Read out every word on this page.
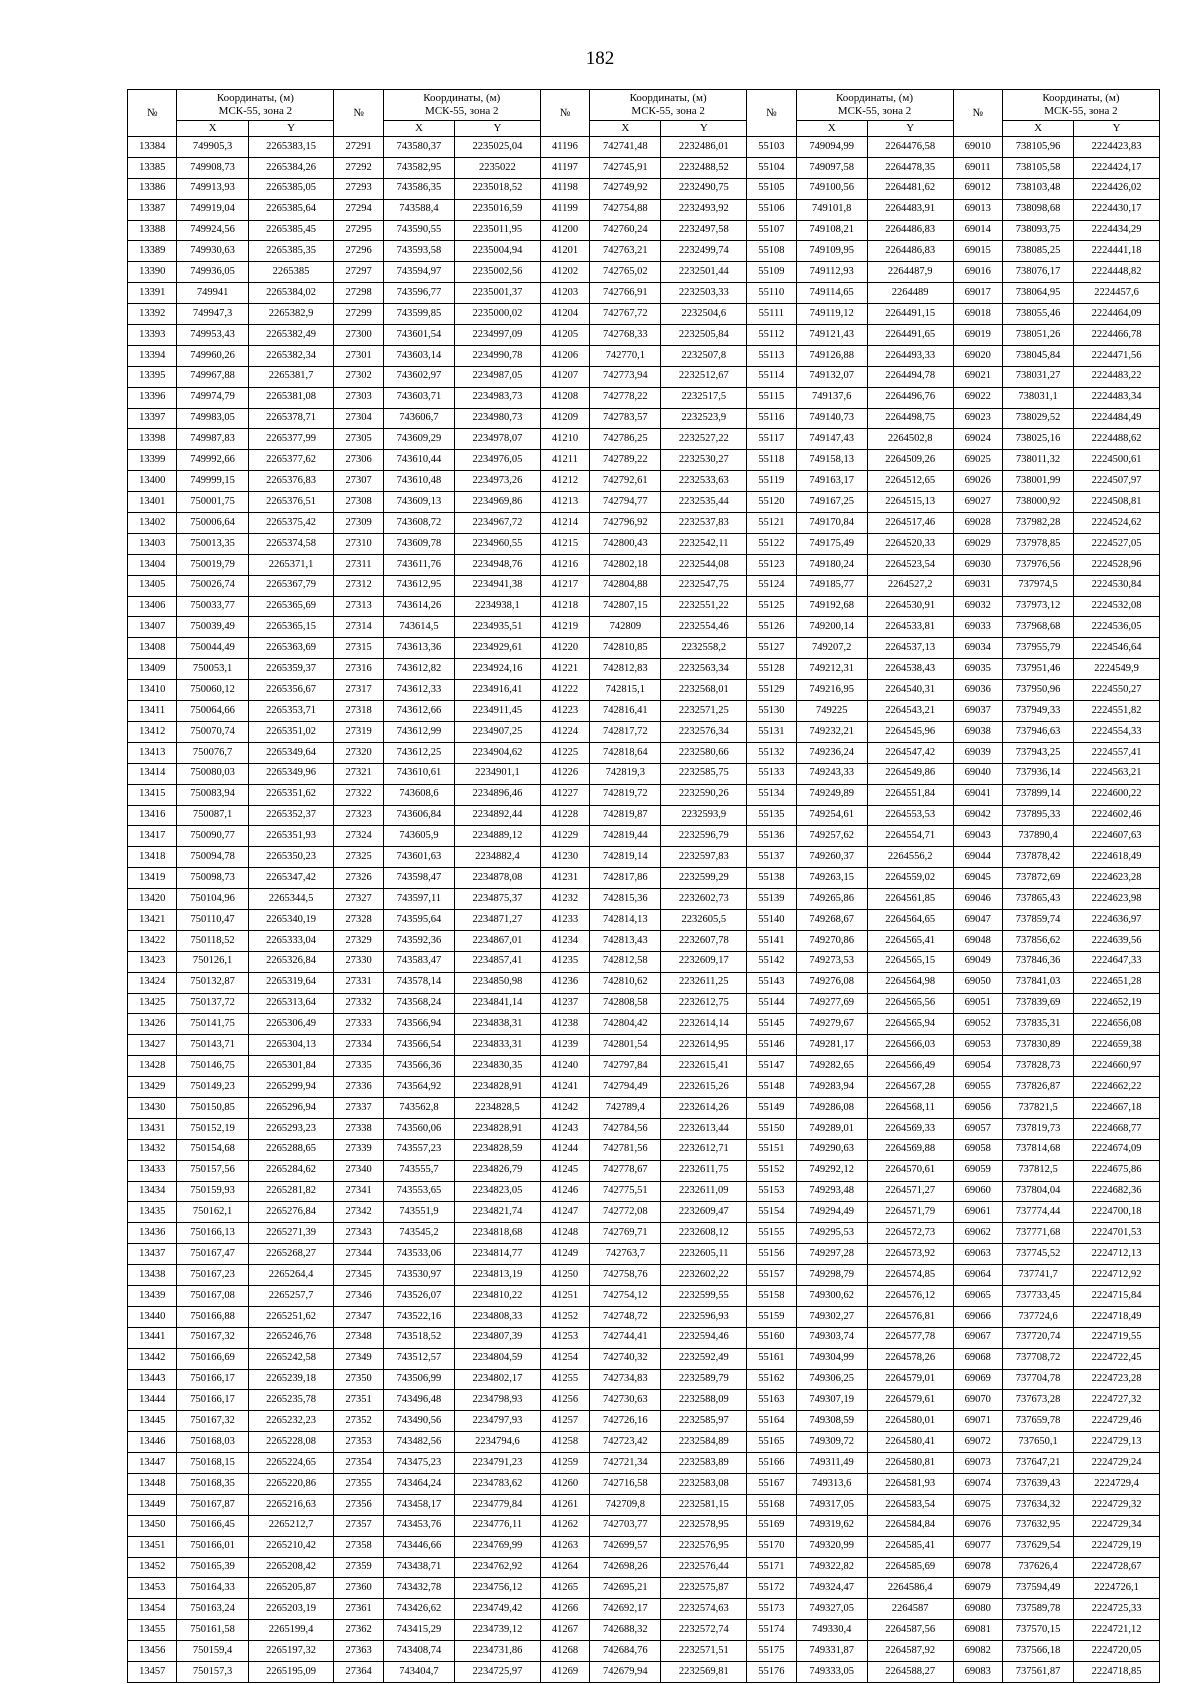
182
№	Координаты, (м)
МСК-55, зона 2		№	Координаты, (м)
МСК-55, зона 2		№	Координаты, (м)
МСК-55, зона 2		№	Координаты, (м)
МСК-55, зона 2		№	Координаты, (м)
МСК-55, зона 2	
	X	Y		X	Y		X	Y		X	Y		X	Y
13384	749905,3	2265383,15	27291	743580,37	2235025,04	41196	742741,48	2232486,01	55103	749094,99	2264476,58	69010	738105,96	2224423,83
13385	749908,73	2265384,26	27292	743582,95	2235022	41197	742745,91	2232488,52	55104	749097,58	2264478,35	69011	738105,58	2224424,17
13386	749913,93	2265385,05	27293	743586,35	2235018,52	41198	742749,92	2232490,75	55105	749100,56	2264481,62	69012	738103,48	2224426,02
13387	749919,04	2265385,64	27294	743588,4	2235016,59	41199	742754,88	2232493,92	55106	749101,8	2264483,91	69013	738098,68	2224430,17
13388	749924,56	2265385,45	27295	743590,55	2235011,95	41200	742760,24	2232497,58	55107	749108,21	2264486,83	69014	738093,75	2224434,29
13389	749930,63	2265385,35	27296	743593,58	2235004,94	41201	742763,21	2232499,74	55108	749109,95	2264486,83	69015	738085,25	2224441,18
13390	749936,05	2265385	27297	743594,97	2235002,56	41202	742765,02	2232501,44	55109	749112,93	2264487,9	69016	738076,17	2224448,82
13391	749941	2265384,02	27298	743596,77	2235001,37	41203	742766,91	2232503,33	55110	749114,65	2264489	69017	738064,95	2224457,6
13392	749947,3	2265382,9	27299	743599,85	2235000,02	41204	742767,72	2232504,6	55111	749119,12	2264491,15	69018	738055,46	2224464,09
13393	749953,43	2265382,49	27300	743601,54	2234997,09	41205	742768,33	2232505,84	55112	749121,43	2264491,65	69019	738051,26	2224466,78
13394	749960,26	2265382,34	27301	743603,14	2234990,78	41206	742770,1	2232507,8	55113	749126,88	2264493,33	69020	738045,84	2224471,56
13395	749967,88	2265381,7	27302	743602,97	2234987,05	41207	742773,94	2232512,67	55114	749132,07	2264494,78	69021	738031,27	2224483,22
13396	749974,79	2265381,08	27303	743603,71	2234983,73	41208	742778,22	2232517,5	55115	749137,6	2264496,76	69022	738031,1	2224483,34
13397	749983,05	2265378,71	27304	743606,7	2234980,73	41209	742783,57	2232523,9	55116	749140,73	2264498,75	69023	738029,52	2224484,49
13398	749987,83	2265377,99	27305	743609,29	2234978,07	41210	742786,25	2232527,22	55117	749147,43	2264502,8	69024	738025,16	2224488,62
13399	749992,66	2265377,62	27306	743610,44	2234976,05	41211	742789,22	2232530,27	55118	749158,13	2264509,26	69025	738011,32	2224500,61
13400	749999,15	2265376,83	27307	743610,48	2234973,26	41212	742792,61	2232533,63	55119	749163,17	2264512,65	69026	738001,99	2224507,97
13401	750001,75	2265376,51	27308	743609,13	2234969,86	41213	742794,77	2232535,44	55120	749167,25	2264515,13	69027	738000,92	2224508,81
13402	750006,64	2265375,42	27309	743608,72	2234967,72	41214	742796,92	2232537,83	55121	749170,84	2264517,46	69028	737982,28	2224524,62
13403	750013,35	2265374,58	27310	743609,78	2234960,55	41215	742800,43	2232542,11	55122	749175,49	2264520,33	69029	737978,85	2224527,05
13404	750019,79	2265371,1	27311	743611,76	2234948,76	41216	742802,18	2232544,08	55123	749180,24	2264523,54	69030	737976,56	2224528,96
13405	750026,74	2265367,79	27312	743612,95	2234941,38	41217	742804,88	2232547,75	55124	749185,77	2264527,2	69031	737974,5	2224530,84
13406	750033,77	2265365,69	27313	743614,26	2234938,1	41218	742807,15	2232551,22	55125	749192,68	2264530,91	69032	737973,12	2224532,08
13407	750039,49	2265365,15	27314	743614,5	2234935,51	41219	742809	2232554,46	55126	749200,14	2264533,81	69033	737968,68	2224536,05
13408	750044,49	2265363,69	27315	743613,36	2234929,61	41220	742810,85	2232558,2	55127	749207,2	2264537,13	69034	737955,79	2224546,64
13409	750053,1	2265359,37	27316	743612,82	2234924,16	41221	742812,83	2232563,34	55128	749212,31	2264538,43	69035	737951,46	2224549,9
13410	750060,12	2265356,67	27317	743612,33	2234916,41	41222	742815,1	2232568,01	55129	749216,95	2264540,31	69036	737950,96	2224550,27
13411	750064,66	2265353,71	27318	743612,66	2234911,45	41223	742816,41	2232571,25	55130	749225	2264543,21	69037	737949,33	2224551,82
13412	750070,74	2265351,02	27319	743612,99	2234907,25	41224	742817,72	2232576,34	55131	749232,21	2264545,96	69038	737946,63	2224554,33
13413	750076,7	2265349,64	27320	743612,25	2234904,62	41225	742818,64	2232580,66	55132	749236,24	2264547,42	69039	737943,25	2224557,41
13414	750080,03	2265349,96	27321	743610,61	2234901,1	41226	742819,3	2232585,75	55133	749243,33	2264549,86	69040	737936,14	2224563,21
13415	750083,94	2265351,62	27322	743608,6	2234896,46	41227	742819,72	2232590,26	55134	749249,89	2264551,84	69041	737899,14	2224600,22
13416	750087,1	2265352,37	27323	743606,84	2234892,44	41228	742819,87	2232593,9	55135	749254,61	2264553,53	69042	737895,33	2224602,46
13417	750090,77	2265351,93	27324	743605,9	2234889,12	41229	742819,44	2232596,79	55136	749257,62	2264554,71	69043	737890,4	2224607,63
13418	750094,78	2265350,23	27325	743601,63	2234882,4	41230	742819,14	2232597,83	55137	749260,37	2264556,2	69044	737878,42	2224618,49
13419	750098,73	2265347,42	27326	743598,47	2234878,08	41231	742817,86	2232599,29	55138	749263,15	2264559,02	69045	737872,69	2224623,28
13420	750104,96	2265344,5	27327	743597,11	2234875,37	41232	742815,36	2232602,73	55139	749265,86	2264561,85	69046	737865,43	2224623,98
13421	750110,47	2265340,19	27328	743595,64	2234871,27	41233	742814,13	2232605,5	55140	749268,67	2264564,65	69047	737859,74	2224636,97
13422	750118,52	2265333,04	27329	743592,36	2234867,01	41234	742813,43	2232607,78	55141	749270,86	2264565,41	69048	737856,62	2224639,56
13423	750126,1	2265326,84	27330	743583,47	2234857,41	41235	742812,58	2232609,17	55142	749273,53	2264565,15	69049	737846,36	2224647,33
13424	750132,87	2265319,64	27331	743578,14	2234850,98	41236	742810,62	2232611,25	55143	749276,08	2264564,98	69050	737841,03	2224651,28
13425	750137,72	2265313,64	27332	743568,24	2234841,14	41237	742808,58	2232612,75	55144	749277,69	2264565,56	69051	737839,69	2224652,19
13426	750141,75	2265306,49	27333	743566,94	2234838,31	41238	742804,42	2232614,14	55145	749279,67	2264565,94	69052	737835,31	2224656,08
13427	750143,71	2265304,13	27334	743566,54	2234833,31	41239	742801,54	2232614,95	55146	749281,17	2264566,03	69053	737830,89	2224659,38
13428	750146,75	2265301,84	27335	743566,36	2234830,35	41240	742797,84	2232615,41	55147	749282,65	2264566,49	69054	737828,73	2224660,97
13429	750149,23	2265299,94	27336	743564,92	2234828,91	41241	742794,49	2232615,26	55148	749283,94	2264567,28	69055	737826,87	2224662,22
13430	750150,85	2265296,94	27337	743562,8	2234828,5	41242	742789,4	2232614,26	55149	749286,08	2264568,11	69056	737821,5	2224667,18
13431	750152,19	2265293,23	27338	743560,06	2234828,91	41243	742784,56	2232613,44	55150	749289,01	2264569,33	69057	737819,73	2224668,77
13432	750154,68	2265288,65	27339	743557,23	2234828,59	41244	742781,56	2232612,71	55151	749290,63	2264569,88	69058	737814,68	2224674,09
13433	750157,56	2265284,62	27340	743555,7	2234826,79	41245	742778,67	2232611,75	55152	749292,12	2264570,61	69059	737812,5	2224675,86
13434	750159,93	2265281,82	27341	743553,65	2234823,05	41246	742775,51	2232611,09	55153	749293,48	2264571,27	69060	737804,04	2224682,36
13435	750162,1	2265276,84	27342	743551,9	2234821,74	41247	742772,08	2232609,47	55154	749294,49	2264571,79	69061	737774,44	2224700,18
13436	750166,13	2265271,39	27343	743545,2	2234818,68	41248	742769,71	2232608,12	55155	749295,53	2264572,73	69062	737771,68	2224701,53
13437	750167,47	2265268,27	27344	743533,06	2234814,77	41249	742763,7	2232605,11	55156	749297,28	2264573,92	69063	737745,52	2224712,13
13438	750167,23	2265264,4	27345	743530,97	2234813,19	41250	742758,76	2232602,22	55157	749298,79	2264574,85	69064	737741,7	2224712,92
13439	750167,08	2265257,7	27346	743526,07	2234810,22	41251	742754,12	2232599,55	55158	749300,62	2264576,12	69065	737733,45	2224715,84
13440	750166,88	2265251,62	27347	743522,16	2234808,33	41252	742748,72	2232596,93	55159	749302,27	2264576,81	69066	737724,6	2224718,49
13441	750167,32	2265246,76	27348	743518,52	2234807,39	41253	742744,41	2232594,46	55160	749303,74	2264577,78	69067	737720,74	2224719,55
13442	750166,69	2265242,58	27349	743512,57	2234804,59	41254	742740,32	2232592,49	55161	749304,99	2264578,26	69068	737708,72	2224722,45
13443	750166,17	2265239,18	27350	743506,99	2234802,17	41255	742734,83	2232589,79	55162	749306,25	2264579,01	69069	737704,78	2224723,28
13444	750166,17	2265235,78	27351	743496,48	2234798,93	41256	742730,63	2232588,09	55163	749307,19	2264579,61	69070	737673,28	2224727,32
13445	750167,32	2265232,23	27352	743490,56	2234797,93	41257	742726,16	2232585,97	55164	749308,59	2264580,01	69071	737659,78	2224729,46
13446	750168,03	2265228,08	27353	743482,56	2234794,6	41258	742723,42	2232584,89	55165	749309,72	2264580,41	69072	737650,1	2224729,13
13447	750168,15	2265224,65	27354	743475,23	2234791,23	41259	742721,34	2232583,89	55166	749311,49	2264580,81	69073	737647,21	2224729,24
13448	750168,35	2265220,86	27355	743464,24	2234783,62	41260	742716,58	2232583,08	55167	749313,6	2264581,93	69074	737639,43	2224729,4
13449	750167,87	2265216,63	27356	743458,17	2234779,84	41261	742709,8	2232581,15	55168	749317,05	2264583,54	69075	737634,32	2224729,32
13450	750166,45	2265212,7	27357	743453,76	2234776,11	41262	742703,77	2232578,95	55169	749319,62	2264584,84	69076	737632,95	2224729,34
13451	750166,01	2265210,42	27358	743446,66	2234769,99	41263	742699,57	2232576,95	55170	749320,99	2264585,41	69077	737629,54	2224729,19
13452	750165,39	2265208,42	27359	743438,71	2234762,92	41264	742698,26	2232576,44	55171	749322,82	2264585,69	69078	737626,4	2224728,67
13453	750164,33	2265205,87	27360	743432,78	2234756,12	41265	742695,21	2232575,87	55172	749324,47	2264586,4	69079	737594,49	2224726,1
13454	750163,24	2265203,19	27361	743426,62	2234749,42	41266	742692,17	2232574,63	55173	749327,05	2264587	69080	737589,78	2224725,33
13455	750161,58	2265199,4	27362	743415,29	2234739,12	41267	742688,32	2232572,74	55174	749330,4	2264587,56	69081	737570,15	2224721,12
13456	750159,4	2265197,32	27363	743408,74	2234731,86	41268	742684,76	2232571,51	55175	749331,87	2264587,92	69082	737566,18	2224720,05
13457	750157,3	2265195,09	27364	743404,7	2234725,97	41269	742679,94	2232569,81	55176	749333,05	2264588,27	69083	737561,87	2224718,85
